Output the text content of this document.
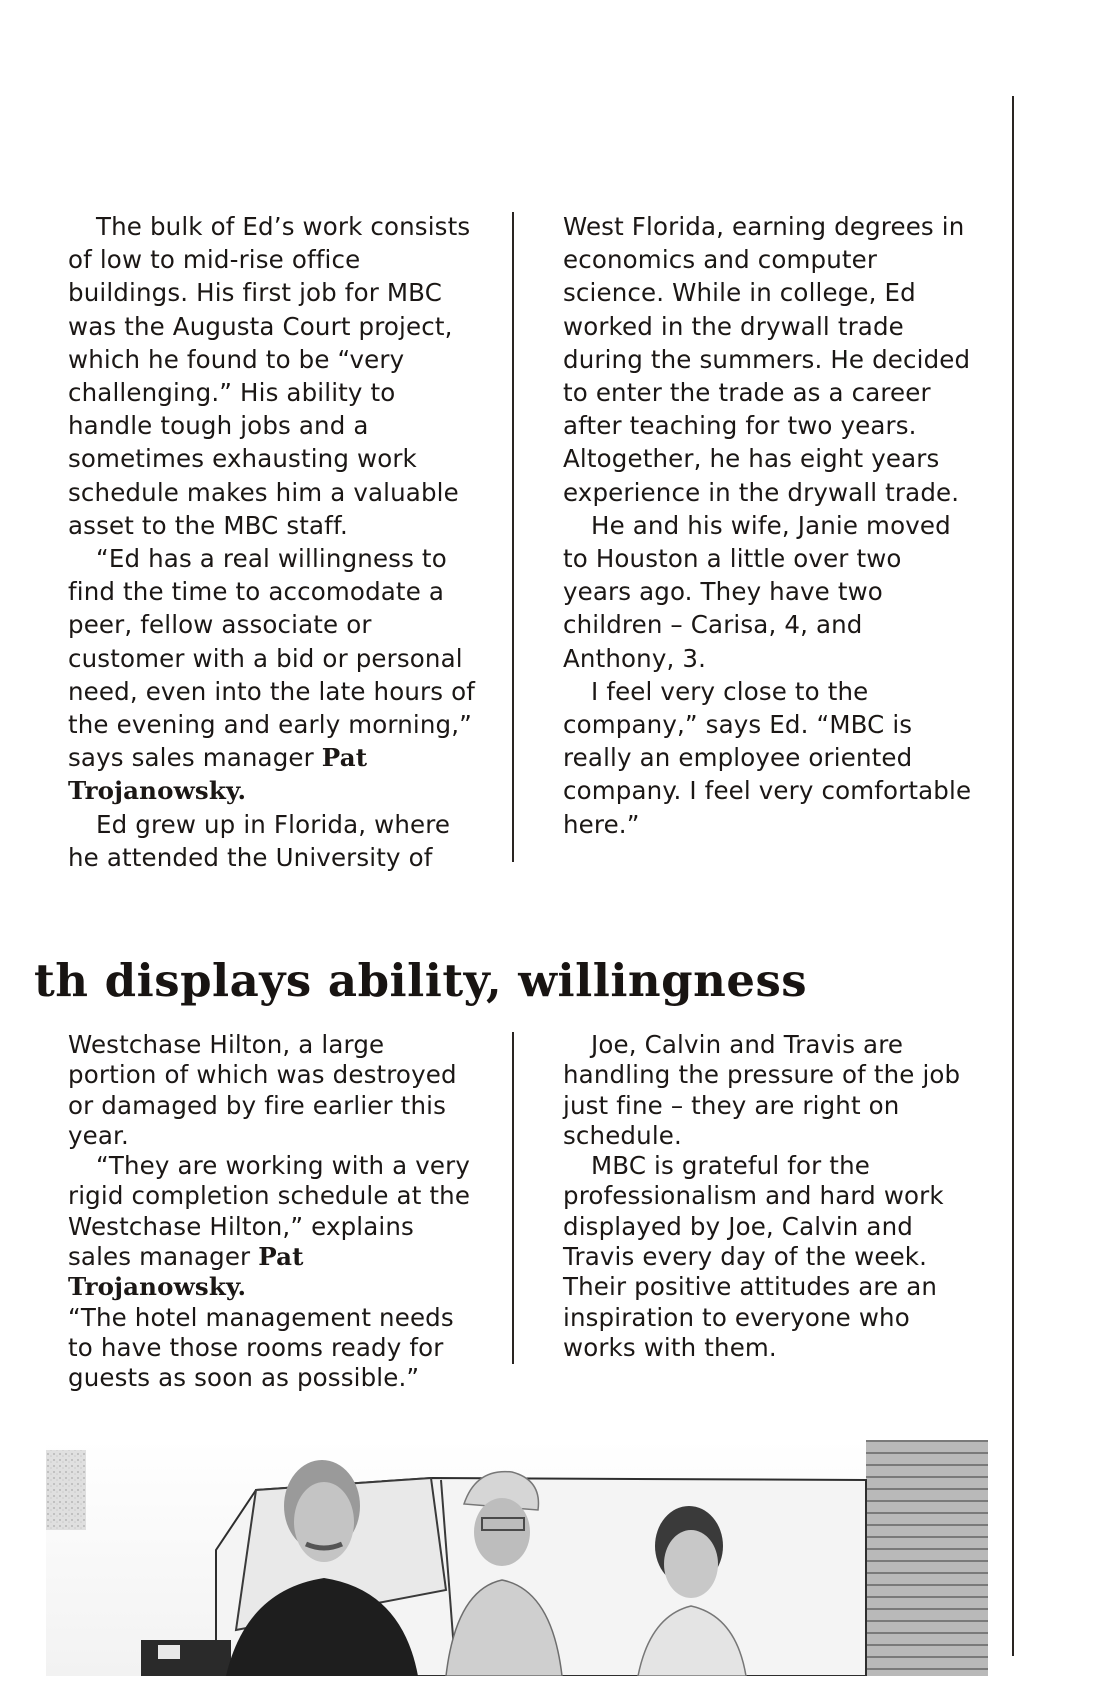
The bulk of Ed’s work consists of low to mid-rise office buildings. His first job for MBC was the Augusta Court project, which he found to be “very challenging.” His ability to handle tough jobs and a sometimes exhausting work schedule makes him a valuable asset to the MBC staff.

“Ed has a real willingness to find the time to accomodate a peer, fellow associate or customer with a bid or personal need, even into the late hours of the evening and early morning,” says sales manager Pat Trojanowsky.

Ed grew up in Florida, where he attended the University of

West Florida, earning degrees in economics and computer science. While in college, Ed worked in the drywall trade during the summers. He decided to enter the trade as a career after teaching for two years. Altogether, he has eight years experience in the drywall trade.

He and his wife, Janie moved to Houston a little over two years ago. They have two children – Carisa, 4, and Anthony, 3.

I feel very close to the company,” says Ed. “MBC is really an employee oriented company. I feel very comfortable here.”

th displays ability, willingness

Westchase Hilton, a large portion of which was destroyed or damaged by fire earlier this year.

“They are working with a very rigid completion schedule at the Westchase Hilton,” explains sales manager Pat Trojanowsky.

“The hotel management needs to have those rooms ready for guests as soon as possible.”

Joe, Calvin and Travis are handling the pressure of the job just fine – they are right on schedule.

MBC is grateful for the professionalism and hard work displayed by Joe, Calvin and Travis every day of the week. Their positive attitudes are an inspiration to everyone who works with them.
